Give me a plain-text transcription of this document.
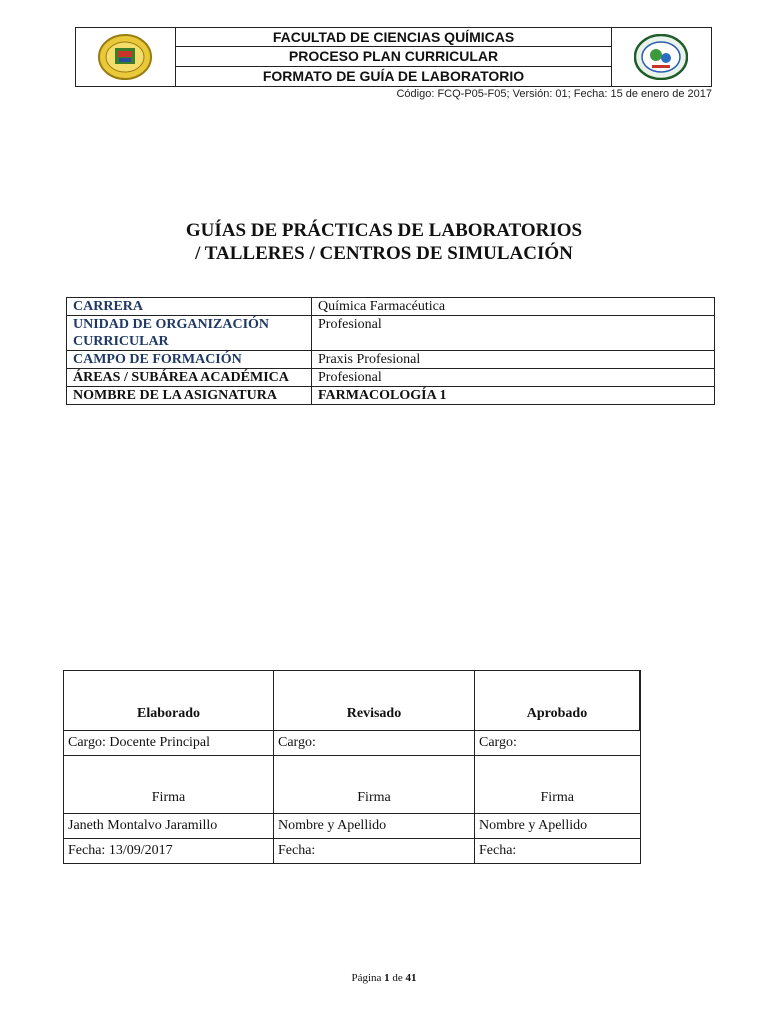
FACULTAD DE CIENCIAS QUÍMICAS
PROCESO PLAN CURRICULAR
FORMATO DE GUÍA DE LABORATORIO
Código: FCQ-P05-F05; Versión: 01; Fecha: 15 de enero de 2017
GUÍAS DE PRÁCTICAS DE LABORATORIOS
/ TALLERES / CENTROS DE SIMULACIÓN
CARRERA	Química Farmacéutica
UNIDAD DE ORGANIZACIÓN CURRICULAR	Profesional
CAMPO DE FORMACIÓN	Praxis Profesional
ÁREAS / SUBÁREA ACADÉMICA	Profesional
NOMBRE DE LA ASIGNATURA	FARMACOLOGÍA 1
Elaborado	Revisado	Aprobado
Cargo: Docente Principal	Cargo:	Cargo:
Firma	Firma	Firma
Janeth Montalvo Jaramillo	Nombre y Apellido	Nombre y Apellido
Fecha: 13/09/2017	Fecha:	Fecha:
Página 1 de 41
